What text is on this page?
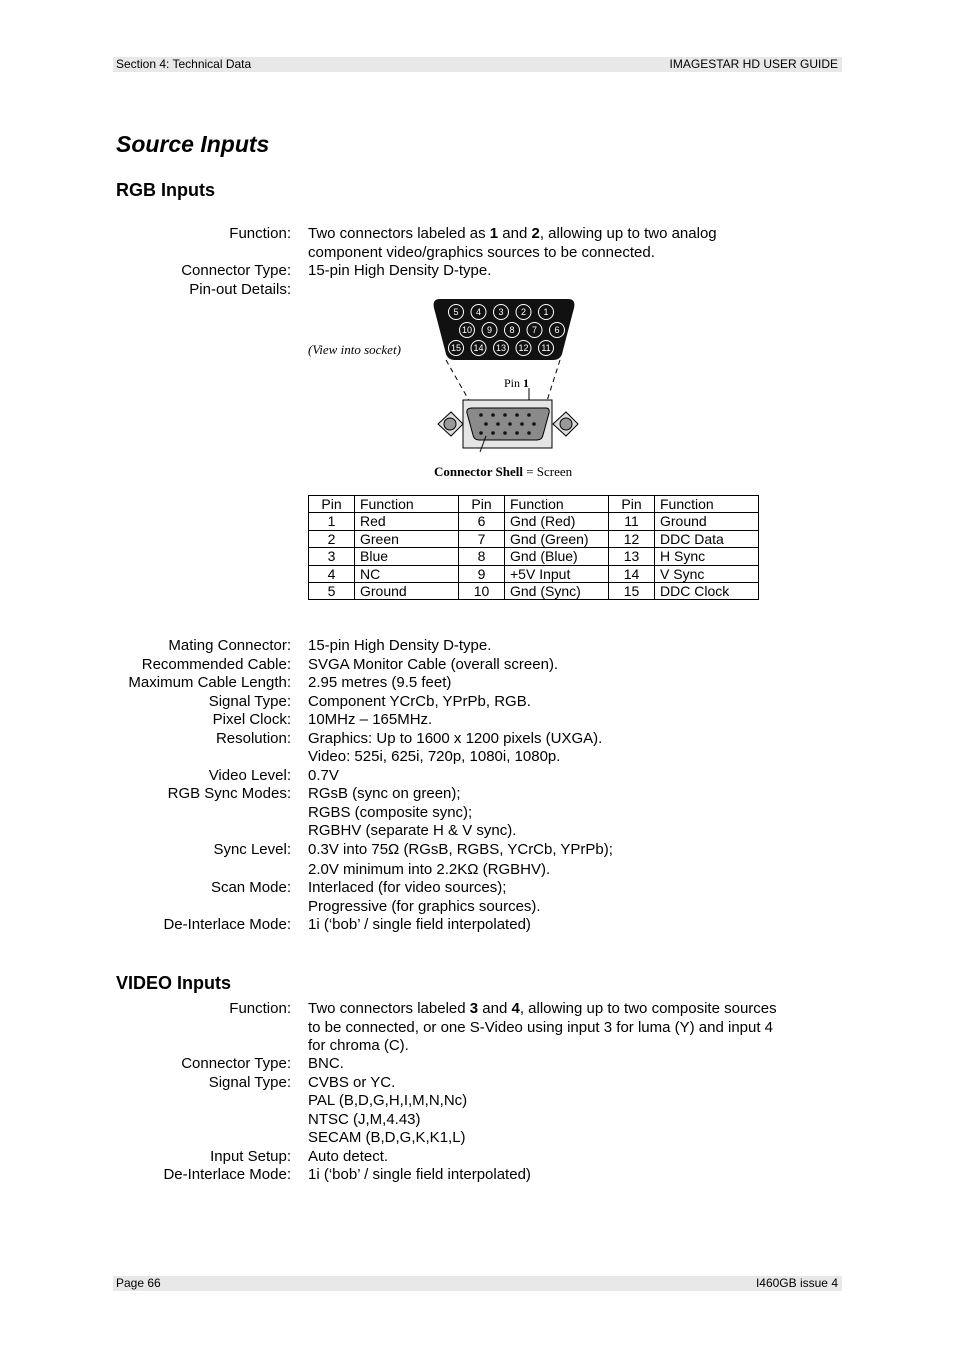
Section 4: Technical Data	IMAGESTAR HD USER GUIDE
Source Inputs
RGB Inputs
Function: Two connectors labeled as 1 and 2, allowing up to two analog
component video/graphics sources to be connected.
Connector Type: 15-pin High Density D-type.
Pin-out Details:
5 4 3 2 1
10 9 8 7 6
15 14 13 12 11
(View into socket)
Pin 1
Connector Shell = Screen
Pin	Function	Pin	Function	Pin	Function
1	Red	6	Gnd (Red)	11	Ground
2	Green	7	Gnd (Green)	12	DDC Data
3	Blue	8	Gnd (Blue)	13	H Sync
4	NC	9	+5V Input	14	V Sync
5	Ground	10	Gnd (Sync)	15	DDC Clock
Mating Connector: 15-pin High Density D-type.
Recommended Cable: SVGA Monitor Cable (overall screen).
Maximum Cable Length: 2.95 metres (9.5 feet)
Signal Type: Component YCrCb, YPrPb, RGB.
Pixel Clock: 10MHz – 165MHz.
Resolution: Graphics: Up to 1600 x 1200 pixels (UXGA).
Video: 525i, 625i, 720p, 1080i, 1080p.
Video Level: 0.7V
RGB Sync Modes: RGsB (sync on green);
RGBS (composite sync);
RGBHV (separate H & V sync).
Sync Level: 0.3V into 75Ω (RGsB, RGBS, YCrCb, YPrPb);
2.0V minimum into 2.2KΩ (RGBHV).
Scan Mode: Interlaced (for video sources);
Progressive (for graphics sources).
De-Interlace Mode: 1i (‘bob’ / single field interpolated)
VIDEO Inputs
Function: Two connectors labeled 3 and 4, allowing up to two composite sources
to be connected, or one S-Video using input 3 for luma (Y) and input 4
for chroma (C).
Connector Type: BNC.
Signal Type: CVBS or YC.
PAL (B,D,G,H,I,M,N,Nc)
NTSC (J,M,4.43)
SECAM (B,D,G,K,K1,L)
Input Setup: Auto detect.
De-Interlace Mode: 1i (‘bob’ / single field interpolated)
Page 66	I460GB issue 4
